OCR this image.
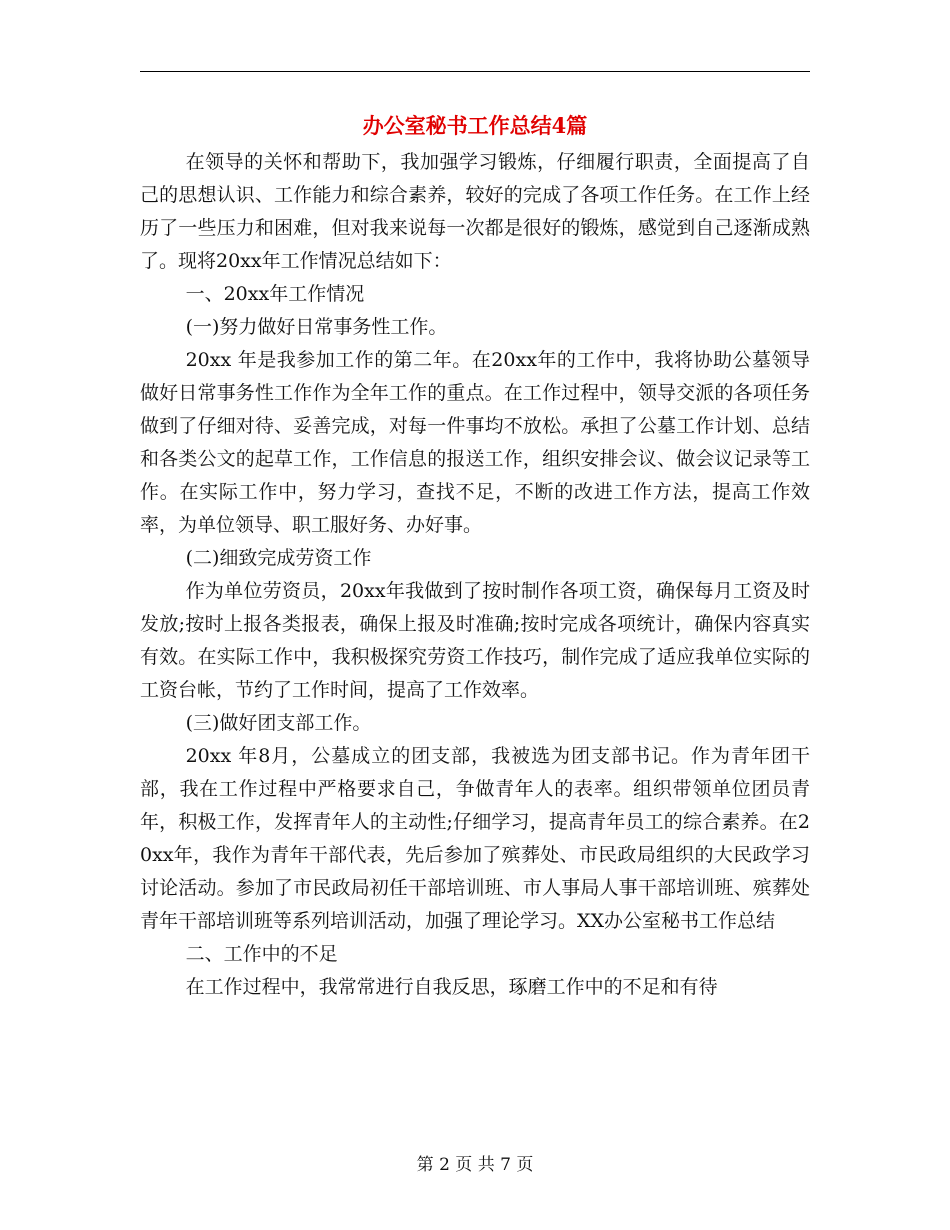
办公室秘书工作总结4篇

在领导的关怀和帮助下，我加强学习锻炼，仔细履行职责，全面提高了自己的思想认识、工作能力和综合素养，较好的完成了各项工作任务。在工作上经历了一些压力和困难，但对我来说每一次都是很好的锻炼，感觉到自己逐渐成熟了。现将20xx年工作情况总结如下：

一、20xx年工作情况

(一)努力做好日常事务性工作。

20xx 年是我参加工作的第二年。在20xx年的工作中，我将协助公墓领导做好日常事务性工作作为全年工作的重点。在工作过程中，领导交派的各项任务做到了仔细对待、妥善完成，对每一件事均不放松。承担了公墓工作计划、总结和各类公文的起草工作，工作信息的报送工作，组织安排会议、做会议记录等工作。在实际工作中，努力学习，查找不足，不断的改进工作方法，提高工作效率，为单位领导、职工服好务、办好事。

(二)细致完成劳资工作

作为单位劳资员，20xx年我做到了按时制作各项工资，确保每月工资及时发放;按时上报各类报表，确保上报及时准确;按时完成各项统计，确保内容真实有效。在实际工作中，我积极探究劳资工作技巧，制作完成了适应我单位实际的工资台帐，节约了工作时间，提高了工作效率。

(三)做好团支部工作。

20xx 年8月，公墓成立的团支部，我被选为团支部书记。作为青年团干部，我在工作过程中严格要求自己，争做青年人的表率。组织带领单位团员青年，积极工作，发挥青年人的主动性;仔细学习，提高青年员工的综合素养。在20xx年，我作为青年干部代表，先后参加了殡葬处、市民政局组织的大民政学习讨论活动。参加了市民政局初任干部培训班、市人事局人事干部培训班、殡葬处青年干部培训班等系列培训活动，加强了理论学习。XX办公室秘书工作总结

二、工作中的不足

在工作过程中，我常常进行自我反思，琢磨工作中的不足和有待

第 2 页 共 7 页
